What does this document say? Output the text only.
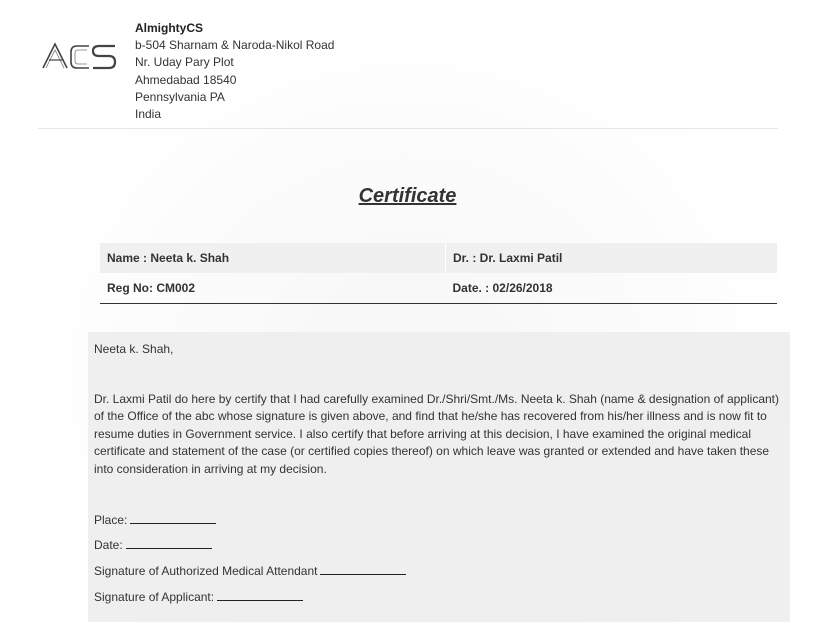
AlmightyCS
b-504 Sharnam & Naroda-Nikol Road
Nr. Uday Pary Plot
Ahmedabad 18540
Pennsylvania PA
India
Certificate
Name : Neeta k. Shah	Dr. : Dr. Laxmi Patil
Reg No: CM002	Date. : 02/26/2018
Neeta k. Shah,
Dr. Laxmi Patil do here by certify that I had carefully examined Dr./Shri/Smt./Ms. Neeta k. Shah (name & designation of applicant) of the Office of the abc whose signature is given above, and find that he/she has recovered from his/her illness and is now fit to resume duties in Government service. I also certify that before arriving at this decision, I have examined the original medical certificate and statement of the case (or certified copies thereof) on which leave was granted or extended and have taken these into consideration in arriving at my decision.
Place:
Date:
Signature of Authorized Medical Attendant
Signature of Applicant:
